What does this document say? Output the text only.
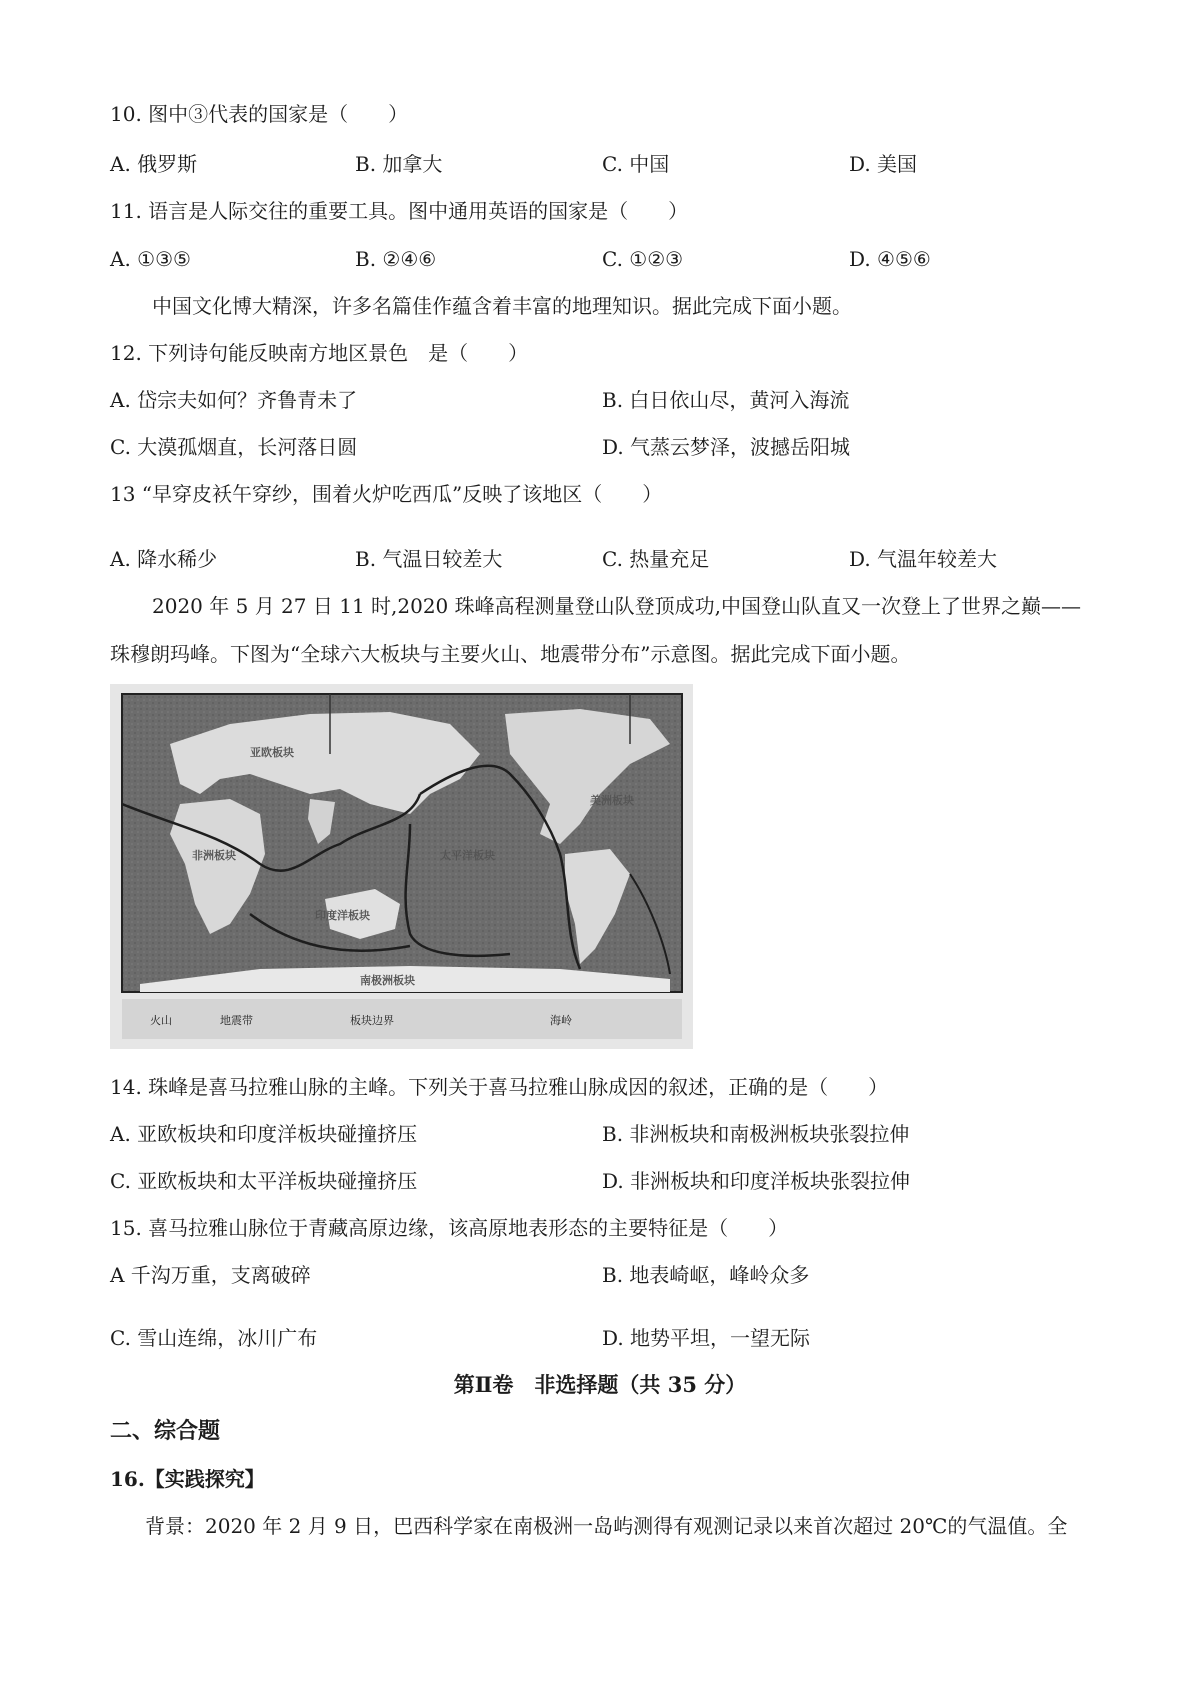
10. 图中③代表的国家是（　　）
A. 俄罗斯	B. 加拿大	C. 中国	D. 美国
11. 语言是人际交往的重要工具。图中通用英语的国家是（　　）
A. ①③⑤	B. ②④⑥	C. ①②③	D. ④⑤⑥
中国文化博大精深，许多名篇佳作蕴含着丰富的地理知识。据此完成下面小题。
12. 下列诗句能反映南方地区景色　是（　　）
A. 岱宗夫如何？齐鲁青未了	B. 白日依山尽，黄河入海流
C. 大漠孤烟直，长河落日圆	D. 气蒸云梦泽，波撼岳阳城
13 “早穿皮袄午穿纱，围着火炉吃西瓜”反映了该地区（　　）
A. 降水稀少	B. 气温日较差大	C. 热量充足	D. 气温年较差大
2020 年 5 月 27 日 11 时,2020 珠峰高程测量登山队登顶成功,中国登山队直又一次登上了世界之巅——
珠穆朗玛峰。下图为“全球六大板块与主要火山、地震带分布”示意图。据此完成下面小题。
亚欧板块
非洲板块	太平洋板块
印度洋板块
美洲板块
南极洲板块
火山	地震带	板块边界	海岭
14. 珠峰是喜马拉雅山脉的主峰。下列关于喜马拉雅山脉成因的叙述，正确的是（　　）
A. 亚欧板块和印度洋板块碰撞挤压	B. 非洲板块和南极洲板块张裂拉伸
C. 亚欧板块和太平洋板块碰撞挤压	D. 非洲板块和印度洋板块张裂拉伸
15. 喜马拉雅山脉位于青藏高原边缘，该高原地表形态的主要特征是（　　）
A 千沟万重，支离破碎	B. 地表崎岖，峰岭众多
C. 雪山连绵，冰川广布	D. 地势平坦，一望无际
第Ⅱ卷　非选择题（共 35 分）
二、综合题
16.【实践探究】
背景：2020 年 2 月 9 日，巴西科学家在南极洲一岛屿测得有观测记录以来首次超过 20℃的气温值。全
